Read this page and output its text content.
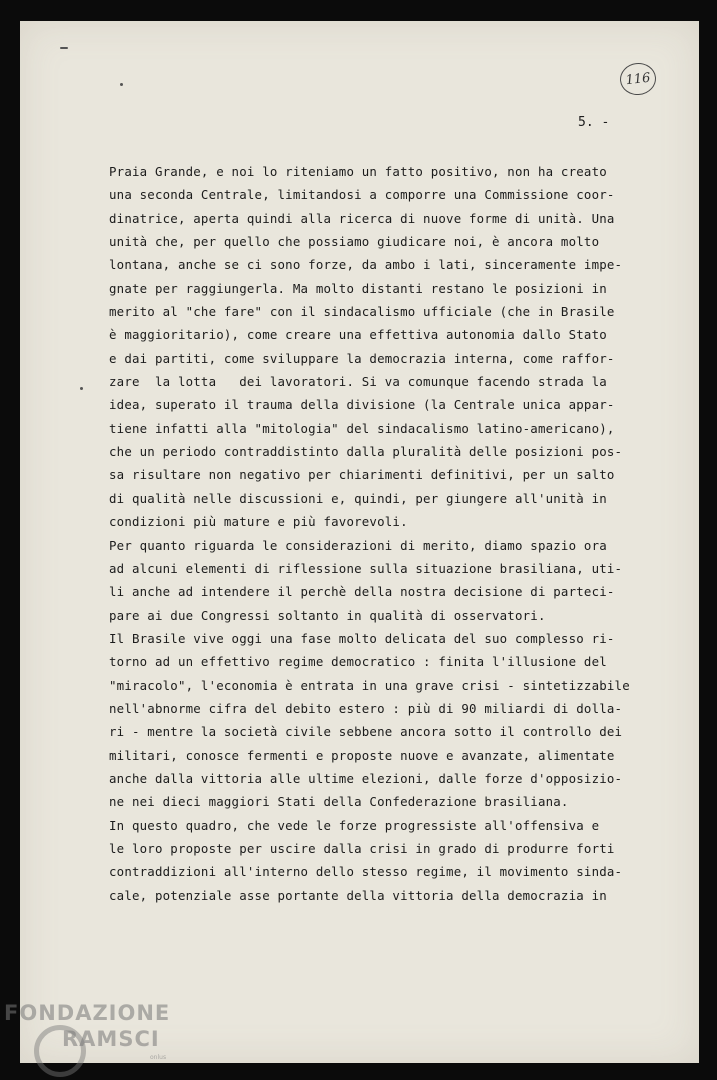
116
5. -
Praia Grande, e noi lo riteniamo un fatto positivo, non ha creato
una seconda Centrale, limitandosi a comporre una Commissione coor-
dinatrice, aperta quindi alla ricerca di nuove forme di unità. Una
unità che, per quello che possiamo giudicare noi, è ancora molto
lontana, anche se ci sono forze, da ambo i lati, sinceramente impe-
gnate per raggiungerla. Ma molto distanti restano le posizioni in
merito al "che fare" con il sindacalismo ufficiale (che in Brasile
è maggioritario), come creare una effettiva autonomia dallo Stato
e dai partiti, come sviluppare la democrazia interna, come raffor-
zare  la lotta   dei lavoratori. Si va comunque facendo strada la
idea, superato il trauma della divisione (la Centrale unica appar-
tiene infatti alla "mitologia" del sindacalismo latino-americano),
che un periodo contraddistinto dalla pluralità delle posizioni pos-
sa risultare non negativo per chiarimenti definitivi, per un salto
di qualità nelle discussioni e, quindi, per giungere all'unità in
condizioni più mature e più favorevoli.
Per quanto riguarda le considerazioni di merito, diamo spazio ora
ad alcuni elementi di riflessione sulla situazione brasiliana, uti-
li anche ad intendere il perchè della nostra decisione di parteci-
pare ai due Congressi soltanto in qualità di osservatori.
Il Brasile vive oggi una fase molto delicata del suo complesso ri-
torno ad un effettivo regime democratico : finita l'illusione del
"miracolo", l'economia è entrata in una grave crisi - sintetizzabile
nell'abnorme cifra del debito estero : più di 90 miliardi di dolla-
ri - mentre la società civile sebbene ancora sotto il controllo dei
militari, conosce fermenti e proposte nuove e avanzate, alimentate
anche dalla vittoria alle ultime elezioni, dalle forze d'opposizio-
ne nei dieci maggiori Stati della Confederazione brasiliana.
In questo quadro, che vede le forze progressiste all'offensiva e
le loro proposte per uscire dalla crisi in grado di produrre forti
contraddizioni all'interno dello stesso regime, il movimento sinda-
cale, potenziale asse portante della vittoria della democrazia in
FONDAZIONE
RAMSCI
onlus
